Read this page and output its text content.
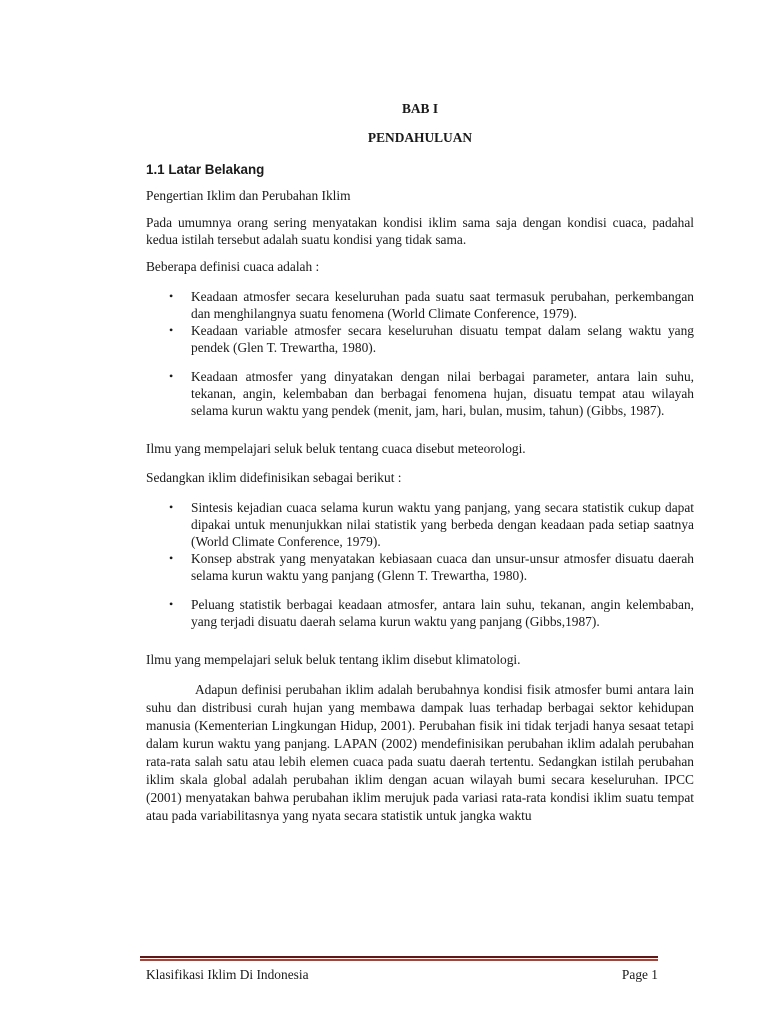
BAB I

PENDAHULUAN

1.1 Latar Belakang

Pengertian Iklim dan Perubahan Iklim

Pada umumnya orang sering menyatakan kondisi iklim sama saja dengan kondisi cuaca, padahal kedua istilah tersebut adalah suatu kondisi yang tidak sama.

Beberapa definisi cuaca adalah :

• Keadaan atmosfer secara keseluruhan pada suatu saat termasuk perubahan, perkembangan dan menghilangnya suatu fenomena (World Climate Conference, 1979).
• Keadaan variable atmosfer secara keseluruhan disuatu tempat dalam selang waktu yang pendek (Glen T. Trewartha, 1980).
• Keadaan atmosfer yang dinyatakan dengan nilai berbagai parameter, antara lain suhu, tekanan, angin, kelembaban dan berbagai fenomena hujan, disuatu tempat atau wilayah selama kurun waktu yang pendek (menit, jam, hari, bulan, musim, tahun) (Gibbs, 1987).

Ilmu yang mempelajari seluk beluk tentang cuaca disebut meteorologi.

Sedangkan iklim didefinisikan sebagai berikut :

• Sintesis kejadian cuaca selama kurun waktu yang panjang, yang secara statistik cukup dapat dipakai untuk menunjukkan nilai statistik yang berbeda dengan keadaan pada setiap saatnya (World Climate Conference, 1979).
• Konsep abstrak yang menyatakan kebiasaan cuaca dan unsur-unsur atmosfer disuatu daerah selama kurun waktu yang panjang (Glenn T. Trewartha, 1980).
• Peluang statistik berbagai keadaan atmosfer, antara lain suhu, tekanan, angin kelembaban, yang terjadi disuatu daerah selama kurun waktu yang panjang (Gibbs,1987).

Ilmu yang mempelajari seluk beluk tentang iklim disebut klimatologi.

Adapun definisi perubahan iklim adalah berubahnya kondisi fisik atmosfer bumi antara lain suhu dan distribusi curah hujan yang membawa dampak luas terhadap berbagai sektor kehidupan manusia (Kementerian Lingkungan Hidup, 2001). Perubahan fisik ini tidak terjadi hanya sesaat tetapi dalam kurun waktu yang panjang. LAPAN (2002) mendefinisikan perubahan iklim adalah perubahan rata-rata salah satu atau lebih elemen cuaca pada suatu daerah tertentu. Sedangkan istilah perubahan iklim skala global adalah perubahan iklim dengan acuan wilayah bumi secara keseluruhan. IPCC (2001) menyatakan bahwa perubahan iklim merujuk pada variasi rata-rata kondisi iklim suatu tempat atau pada variabilitasnya yang nyata secara statistik untuk jangka waktu

Klasifikasi Iklim Di Indonesia	Page 1
